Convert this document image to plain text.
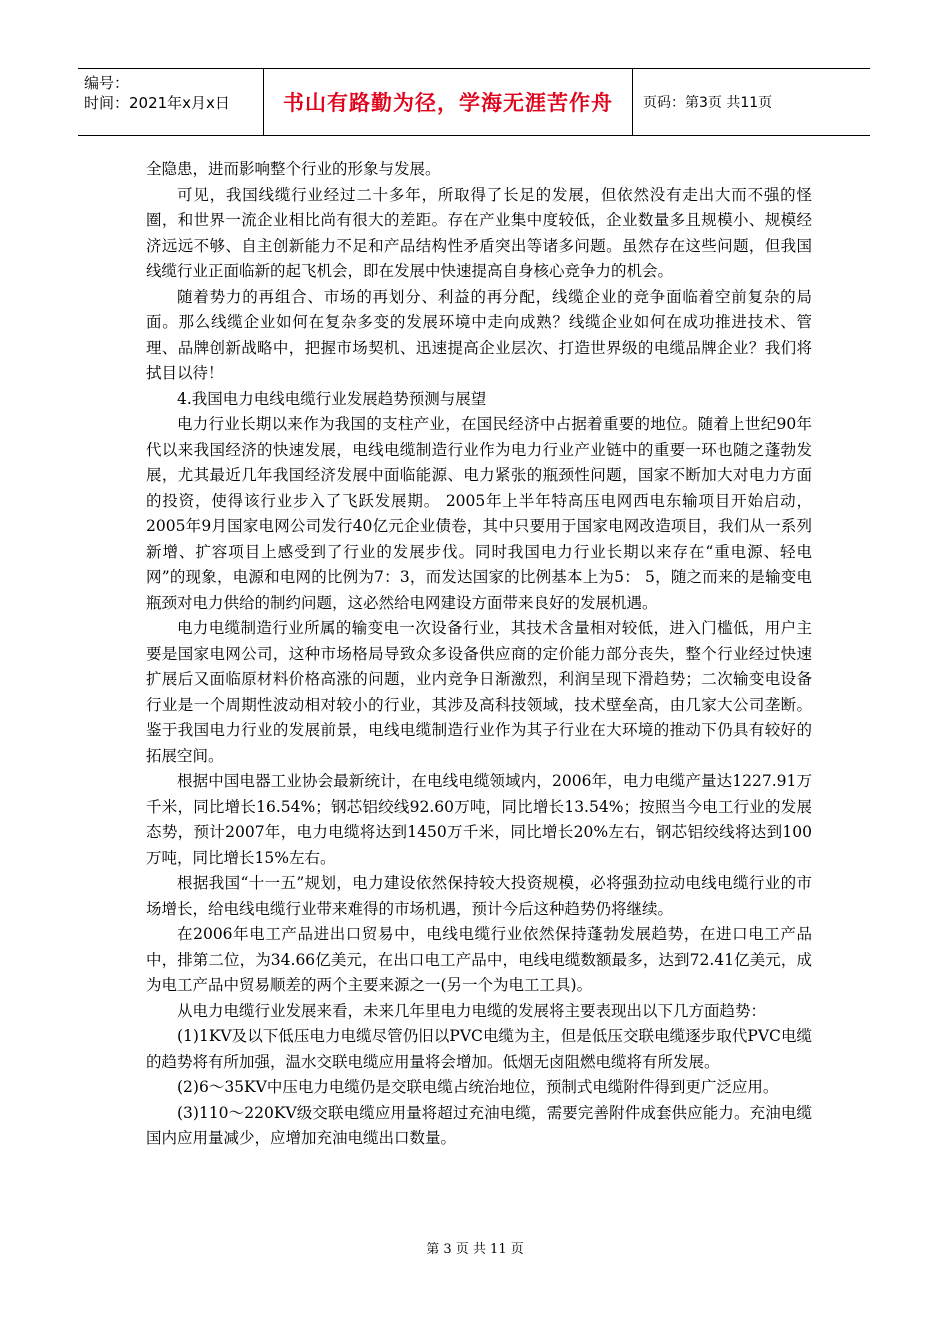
编号：
时间：2021年x月x日	书山有路勤为径，学海无涯苦作舟	页码：第3页 共11页

全隐患，进而影响整个行业的形象与发展。

可见，我国线缆行业经过二十多年，所取得了长足的发展，但依然没有走出大而不强的怪圈，和世界一流企业相比尚有很大的差距。存在产业集中度较低，企业数量多且规模小、规模经济远远不够、自主创新能力不足和产品结构性矛盾突出等诸多问题。虽然存在这些问题，但我国线缆行业正面临新的起飞机会，即在发展中快速提高自身核心竞争力的机会。

随着势力的再组合、市场的再划分、利益的再分配，线缆企业的竞争面临着空前复杂的局面。那么线缆企业如何在复杂多变的发展环境中走向成熟？线缆企业如何在成功推进技术、管理、品牌创新战略中，把握市场契机、迅速提高企业层次、打造世界级的电缆品牌企业？我们将拭目以待！

4.我国电力电线电缆行业发展趋势预测与展望

电力行业长期以来作为我国的支柱产业，在国民经济中占据着重要的地位。随着上世纪90年代以来我国经济的快速发展，电线电缆制造行业作为电力行业产业链中的重要一环也随之蓬勃发展，尤其最近几年我国经济发展中面临能源、电力紧张的瓶颈性问题，国家不断加大对电力方面的投资，使得该行业步入了飞跃发展期。 2005年上半年特高压电网西电东输项目开始启动，2005年9月国家电网公司发行40亿元企业债卷，其中只要用于国家电网改造项目，我们从一系列新增、扩容项目上感受到了行业的发展步伐。同时我国电力行业长期以来存在“重电源、轻电网”的现象，电源和电网的比例为7：3，而发达国家的比例基本上为5： 5，随之而来的是输变电瓶颈对电力供给的制约问题，这必然给电网建设方面带来良好的发展机遇。

电力电缆制造行业所属的输变电一次设备行业，其技术含量相对较低，进入门槛低，用户主要是国家电网公司，这种市场格局导致众多设备供应商的定价能力部分丧失，整个行业经过快速扩展后又面临原材料价格高涨的问题，业内竞争日渐激烈，利润呈现下滑趋势；二次输变电设备行业是一个周期性波动相对较小的行业，其涉及高科技领域，技术壁垒高，由几家大公司垄断。鉴于我国电力行业的发展前景，电线电缆制造行业作为其子行业在大环境的推动下仍具有较好的拓展空间。

根据中国电器工业协会最新统计，在电线电缆领域内，2006年，电力电缆产量达1227.91万千米，同比增长16.54%；钢芯铝绞线92.60万吨，同比增长13.54%；按照当今电工行业的发展态势，预计2007年，电力电缆将达到1450万千米，同比增长20%左右，钢芯铝绞线将达到100万吨，同比增长15%左右。

根据我国“十一五”规划，电力建设依然保持较大投资规模，必将强劲拉动电线电缆行业的市场增长，给电线电缆行业带来难得的市场机遇，预计今后这种趋势仍将继续。

在2006年电工产品进出口贸易中，电线电缆行业依然保持蓬勃发展趋势，在进口电工产品中，排第二位，为34.66亿美元，在出口电工产品中，电线电缆数额最多，达到72.41亿美元，成为电工产品中贸易顺差的两个主要来源之一(另一个为电工工具)。

从电力电缆行业发展来看，未来几年里电力电缆的发展将主要表现出以下几方面趋势：

(1)1KV及以下低压电力电缆尽管仍旧以PVC电缆为主，但是低压交联电缆逐步取代PVC电缆的趋势将有所加强，温水交联电缆应用量将会增加。低烟无卤阻燃电缆将有所发展。

(2)6～35KV中压电力电缆仍是交联电缆占统治地位，预制式电缆附件得到更广泛应用。

(3)110～220KV级交联电缆应用量将超过充油电缆，需要完善附件成套供应能力。充油电缆国内应用量减少，应增加充油电缆出口数量。

第 3 页 共 11 页
